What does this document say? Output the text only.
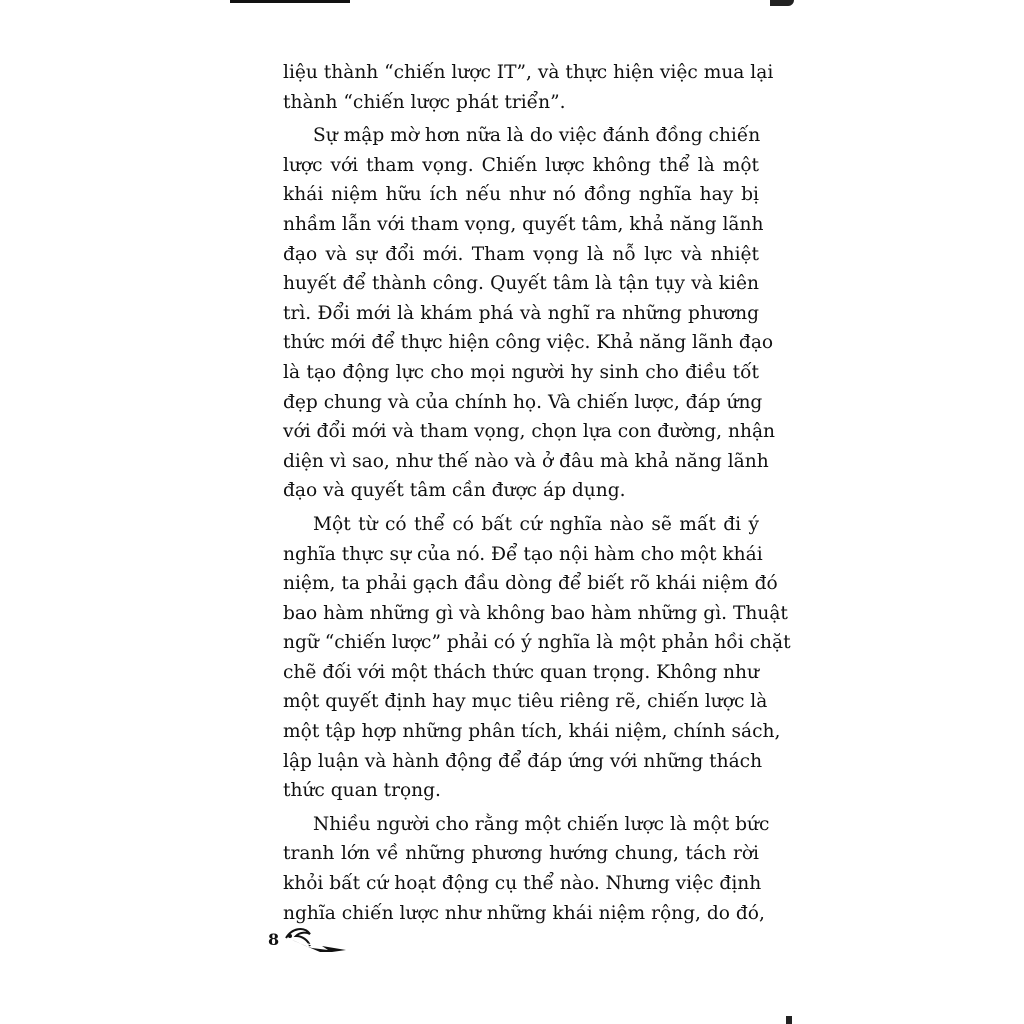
liệu thành “chiến lược IT”, và thực hiện việc mua lại
thành “chiến lược phát triển”.
Sự mập mờ hơn nữa là do việc đánh đồng chiến
lược với tham vọng. Chiến lược không thể là một
khái niệm hữu ích nếu như nó đồng nghĩa hay bị
nhầm lẫn với tham vọng, quyết tâm, khả năng lãnh
đạo và sự đổi mới. Tham vọng là nỗ lực và nhiệt
huyết để thành công. Quyết tâm là tận tụy và kiên
trì. Đổi mới là khám phá và nghĩ ra những phương
thức mới để thực hiện công việc. Khả năng lãnh đạo
là tạo động lực cho mọi người hy sinh cho điều tốt
đẹp chung và của chính họ. Và chiến lược, đáp ứng
với đổi mới và tham vọng, chọn lựa con đường, nhận
diện vì sao, như thế nào và ở đâu mà khả năng lãnh
đạo và quyết tâm cần được áp dụng.
Một từ có thể có bất cứ nghĩa nào sẽ mất đi ý
nghĩa thực sự của nó. Để tạo nội hàm cho một khái
niệm, ta phải gạch đầu dòng để biết rõ khái niệm đó
bao hàm những gì và không bao hàm những gì. Thuật
ngữ “chiến lược” phải có ý nghĩa là một phản hồi chặt
chẽ đối với một thách thức quan trọng. Không như
một quyết định hay mục tiêu riêng rẽ, chiến lược là
một tập hợp những phân tích, khái niệm, chính sách,
lập luận và hành động để đáp ứng với những thách
thức quan trọng.
Nhiều người cho rằng một chiến lược là một bức
tranh lớn về những phương hướng chung, tách rời
khỏi bất cứ hoạt động cụ thể nào. Nhưng việc định
nghĩa chiến lược như những khái niệm rộng, do đó,
8
